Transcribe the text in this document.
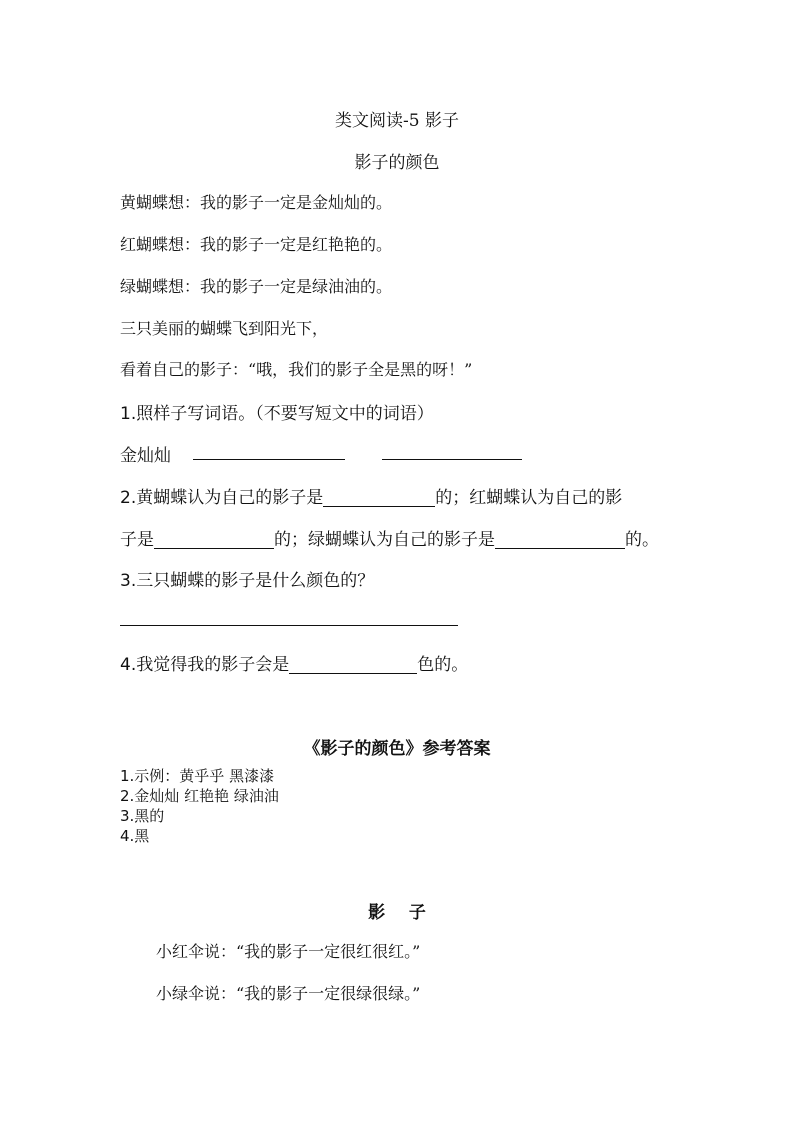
类文阅读-5 影子
影子的颜色
黄蝴蝶想：我的影子一定是金灿灿的。
红蝴蝶想：我的影子一定是红艳艳的。
绿蝴蝶想：我的影子一定是绿油油的。
三只美丽的蝴蝶飞到阳光下，
看着自己的影子：“哦，我们的影子全是黑的呀！”
1.照样子写词语。（不要写短文中的词语）
金灿灿
2.黄蝴蝶认为自己的影子是	的；红蝴蝶认为自己的影
子是	的；绿蝴蝶认为自己的影子是	的。
3.三只蝴蝶的影子是什么颜色的？
4.我觉得我的影子会是	色的。
《影子的颜色》参考答案
1.示例：黄乎乎 黑漆漆
2.金灿灿 红艳艳 绿油油
3.黑的
4.黑
影    子
小红伞说：“我的影子一定很红很红。”
小绿伞说：“我的影子一定很绿很绿。”
